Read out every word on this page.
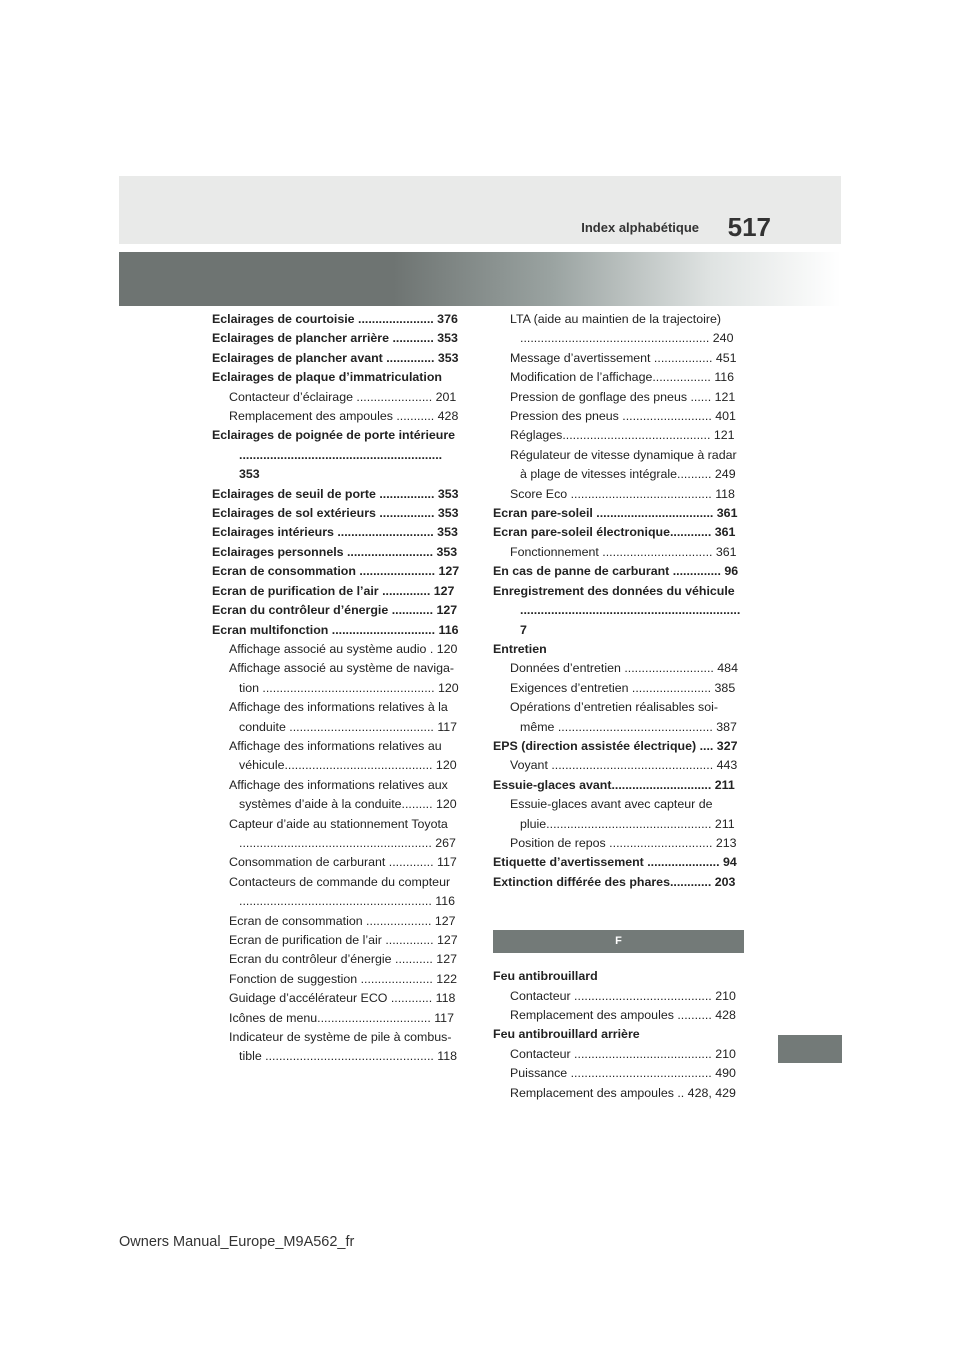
Index alphabétique 517
Eclairages de courtoisie ...................... 376
Eclairages de plancher arrière ............ 353
Eclairages de plancher avant .............. 353
Eclairages de plaque d’immatriculation
Contacteur d’éclairage ...................... 201
Remplacement des ampoules ........... 428
Eclairages de poignée de porte intérieure
........................................................... 353
Eclairages de seuil de porte ................ 353
Eclairages de sol extérieurs ................ 353
Eclairages intérieurs ............................ 353
Eclairages personnels ......................... 353
Ecran de consommation ...................... 127
Ecran de purification de l’air .............. 127
Ecran du contrôleur d’énergie ............ 127
Ecran multifonction .............................. 116
Affichage associé au système audio . 120
Affichage associé au système de naviga-
tion .................................................. 120
Affichage des informations relatives à la
conduite .......................................... 117
Affichage des informations relatives au
véhicule........................................... 120
Affichage des informations relatives aux
systèmes d’aide à la conduite......... 120
Capteur d’aide au stationnement Toyota
........................................................ 267
Consommation de carburant ............. 117
Contacteurs de commande du compteur
........................................................ 116
Ecran de consommation ................... 127
Ecran de purification de l’air .............. 127
Ecran du contrôleur d’énergie ........... 127
Fonction de suggestion ..................... 122
Guidage d’accélérateur ECO ............ 118
Icônes de menu................................. 117
Indicateur de système de pile à combus-
tible ................................................. 118
LTA (aide au maintien de la trajectoire)
....................................................... 240
Message d’avertissement ................. 451
Modification de l’affichage................. 116
Pression de gonflage des pneus ...... 121
Pression des pneus .......................... 401
Réglages........................................... 121
Régulateur de vitesse dynamique à radar
à plage de vitesses intégrale.......... 249
Score Eco ......................................... 118
Ecran pare-soleil .................................. 361
Ecran pare-soleil électronique............ 361
Fonctionnement ................................ 361
En cas de panne de carburant .............. 96
Enregistrement des données du véhicule
................................................................ 7
Entretien
Données d’entretien .......................... 484
Exigences d’entretien ....................... 385
Opérations d’entretien réalisables soi-
même ............................................. 387
EPS (direction assistée électrique) .... 327
Voyant ............................................... 443
Essuie-glaces avant............................. 211
Essuie-glaces avant avec capteur de
pluie................................................ 211
Position de repos .............................. 213
Etiquette d’avertissement ..................... 94
Extinction différée des phares............ 203
F
Feu antibrouillard
Contacteur ........................................ 210
Remplacement des ampoules .......... 428
Feu antibrouillard arrière
Contacteur ........................................ 210
Puissance ......................................... 490
Remplacement des ampoules .. 428, 429
Owners Manual_Europe_M9A562_fr
